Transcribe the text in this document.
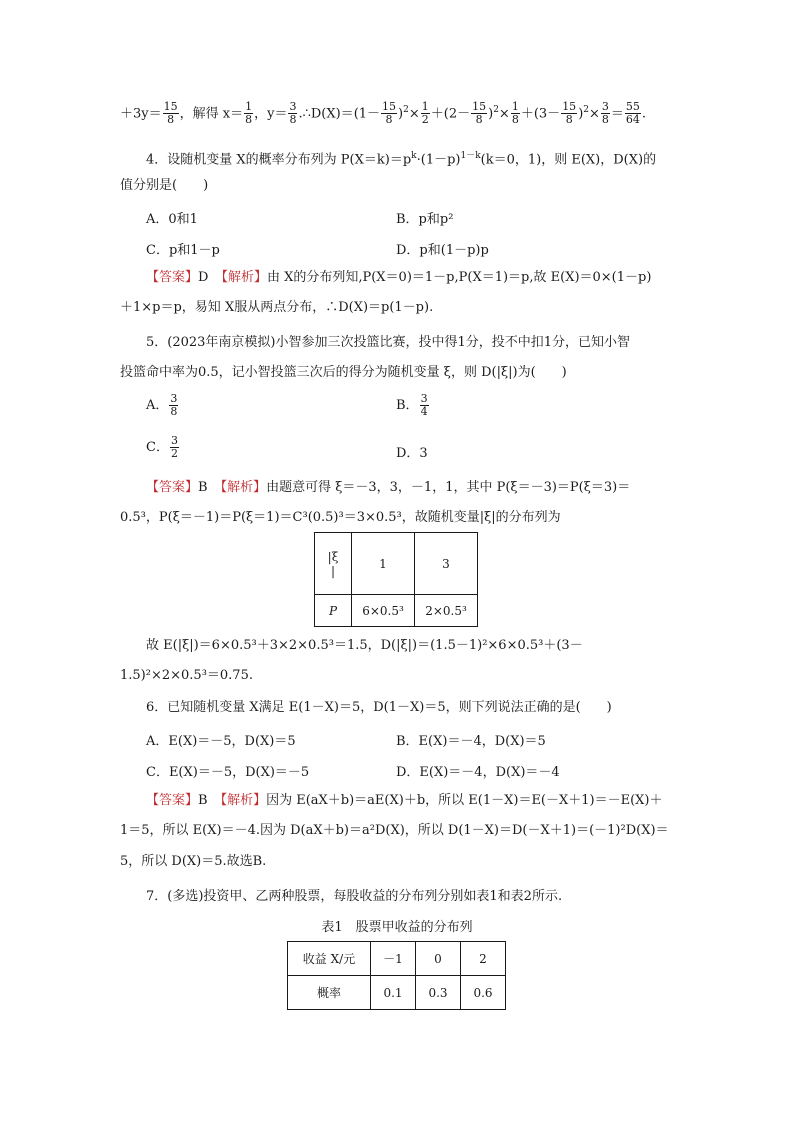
$+3y= \frac{15}{8}$ ，解得 $x= \frac{1}{8}$ ，$y= \frac{3}{8}$ .∴D(X)＝(1－ $\frac{15}{8} )^2\times \frac{1}{2} +(2- \frac{15}{8} )^2\times \frac{1}{8} +(3- \frac{15}{8} )^2\times \frac{3}{8} = \frac{55}{64}$ .
4．设随机变量 X的概率分布列为 $P(X=k)=p^k\cdot(1-p)^{1-k}(k=0$，1)，则 E(X)，D(X)的
值分别是(　　)
A．0和1	B．p和p²
C．p和1－p	D．p和(1－p)p
【答案】D　【解析】由 X的分布列知,P(X＝0)＝1－p,P(X＝1)＝p,故 E(X)＝0×(1－p)
＋1×p＝p，易知 X服从两点分布，∴D(X)＝p(1－p).
5．(2023年南京模拟)小智参加三次投篮比赛，投中得1分，投不中扣1分，已知小智
投篮命中率为0.5，记小智投篮三次后的得分为随机变量 ξ，则 D(|ξ|)为(　　)
A． $\frac{3}{8}$	B． $\frac{3}{4}$
C． $\frac{3}{2}$	D．3
【答案】B　【解析】由题意可得 ξ＝－3，3，－1，1，其中 P(ξ＝－3)＝P(ξ＝3)＝
0.5³，P(ξ＝－1)＝P(ξ＝1)＝C³(0.5)³＝3×0.5³，故随机变量|ξ|的分布列为
|ξ
|	1	3
P	6×0.5³	2×0.5³
故 E(|ξ|)＝6×0.5³＋3×2×0.5³＝1.5，D(|ξ|)＝(1.5－1)²×6×0.5³＋(3－
1.5)²×2×0.5³＝0.75.
6．已知随机变量 X满足 E(1－X)＝5，D(1－X)＝5，则下列说法正确的是(　　)
A．E(X)＝－5，D(X)＝5	B．E(X)＝－4，D(X)＝5
C．E(X)＝－5，D(X)＝－5	D．E(X)＝－4，D(X)＝－4
【答案】B　【解析】因为 E(aX＋b)＝aE(X)＋b，所以 E(1－X)＝E(－X＋1)＝－E(X)＋
1＝5，所以 E(X)＝－4.因为 D(aX＋b)＝a²D(X)，所以 D(1－X)＝D(－X＋1)＝(－1)²D(X)＝
5，所以 D(X)＝5.故选B.
7．(多选)投资甲、乙两种股票，每股收益的分布列分别如表1和表2所示.
表1　股票甲收益的分布列
收益 X/元	－1	0	2
概率	0.1	0.3	0.6
